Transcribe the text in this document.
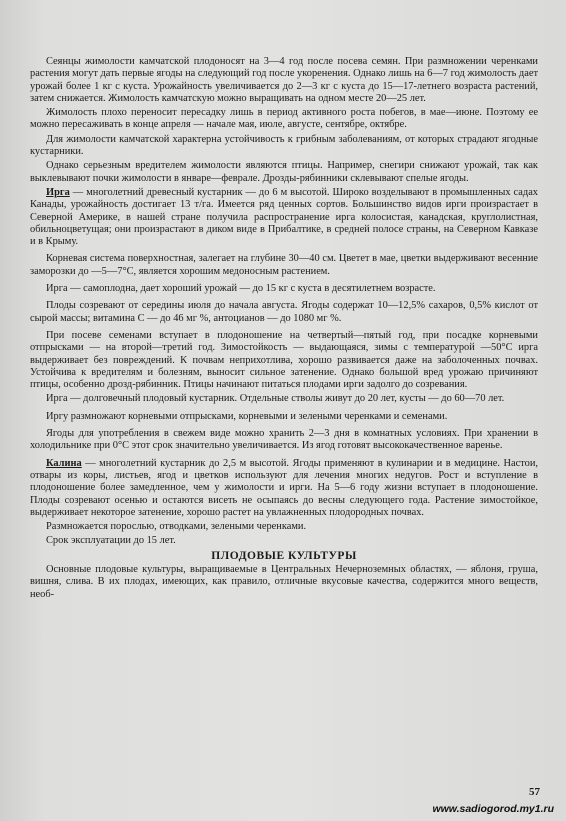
Сеянцы жимолости камчатской плодоносят на 3—4 год после посева семян. При размножении черенками растения могут дать первые ягоды на следующий год после укоренения. Однако лишь на 6—7 год жимолость дает урожай более 1 кг с куста. Урожайность увеличивается до 2—3 кг с куста до 15—17-летнего возраста растений, затем снижается. Жимолость камчатскую можно выращивать на одном месте 20—25 лет.

Жимолость плохо переносит пересадку лишь в период активного роста побегов, в мае—июне. Поэтому ее можно пересаживать в конце апреля — начале мая, июле, августе, сентябре, октябре.

Для жимолости камчатской характерна устойчивость к грибным заболеваниям, от которых страдают ягодные кустарники.

Однако серьезным вредителем жимолости являются птицы. Например, снегири снижают урожай, так как выклевывают почки жимолости в январе—феврале. Дрозды-рябинники склевывают спелые ягоды.

Ирга — многолетний древесный кустарник — до 6 м высотой. Широко возделывают в промышленных садах Канады, урожайность достигает 13 т/га. Имеется ряд ценных сортов. Большинство видов ирги произрастает в Северной Америке, в нашей стране получила распространение ирга колосистая, канадская, круглолистная, обильноцветущая; они произрастают в диком виде в Прибалтике, в средней полосе страны, на Северном Кавказе и в Крыму.

Корневая система поверхностная, залегает на глубине 30—40 см. Цветет в мае, цветки выдерживают весенние заморозки до —5—7°С, является хорошим медоносным растением.

Ирга — самоплодна, дает хороший урожай — до 15 кг с куста в десятилетнем возрасте.

Плоды созревают от середины июля до начала августа. Ягоды содержат 10—12,5% сахаров, 0,5% кислот от сырой массы; витамина С — до 46 мг %, антоцианов — до 1080 мг %.

При посеве семенами вступает в плодоношение на четвертый—пятый год, при посадке корневыми отпрысками — на второй—третий год. Зимостойкость — выдающаяся, зимы с температурой —50°С ирга выдерживает без повреждений. К почвам неприхотлива, хорошо развивается даже на заболоченных почвах. Устойчива к вредителям и болезням, выносит сильное затенение. Однако большой вред урожаю причиняют птицы, особенно дрозд-рябинник. Птицы начинают питаться плодами ирги задолго до созревания.

Ирга — долговечный плодовый кустарник. Отдельные стволы живут до 20 лет, кусты — до 60—70 лет.

Иргу размножают корневыми отпрысками, корневыми и зелеными черенками и семенами.

Ягоды для употребления в свежем виде можно хранить 2—3 дня в комнатных условиях. При хранении в холодильнике при 0°С этот срок значительно увеличивается. Из ягод готовят высококачественное варенье.

Калина — многолетний кустарник до 2,5 м высотой. Ягоды применяют в кулинарии и в медицине. Настои, отвары из коры, листьев, ягод и цветков используют для лечения многих недугов. Рост и вступление в плодоношение более замедленное, чем у жимолости и ирги. На 5—6 году жизни вступает в плодоношение. Плоды созревают осенью и остаются висеть не осыпаясь до весны следующего года. Растение зимостойкое, выдерживает некоторое затенение, хорошо растет на увлажненных плодородных почвах.

Размножается порослью, отводками, зелеными черенками.

Срок эксплуатации до 15 лет.

ПЛОДОВЫЕ КУЛЬТУРЫ

Основные плодовые культуры, выращиваемые в Центральных Нечерноземных областях, — яблоня, груша, вишня, слива. В их плодах, имеющих, как правило, отличные вкусовые качества, содержится много веществ, необ-

57
www.sadiogorod.my1.ru
